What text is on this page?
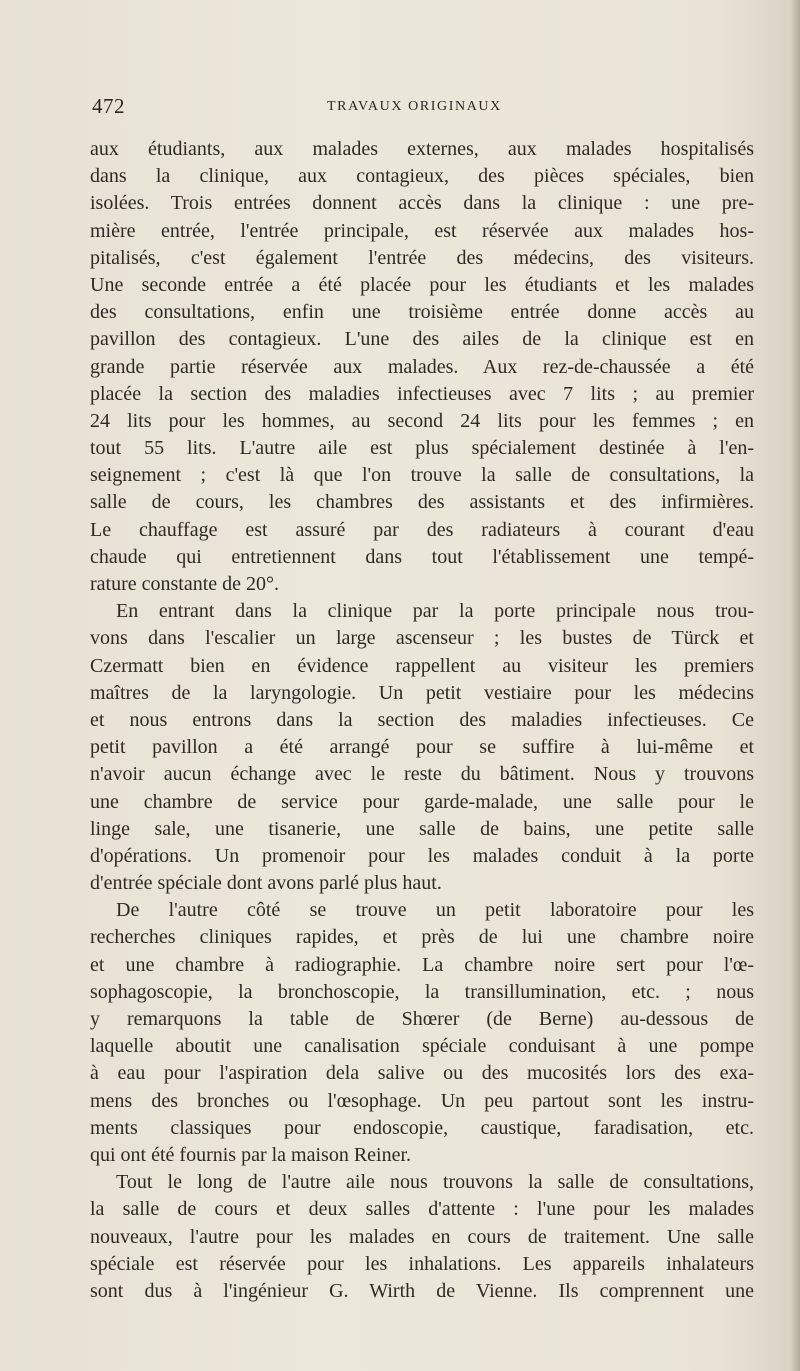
472	TRAVAUX ORIGINAUX
aux étudiants, aux malades externes, aux malades hospitalisés
dans la clinique, aux contagieux, des pièces spéciales, bien
isolées. Trois entrées donnent accès dans la clinique : une pre-
mière entrée, l'entrée principale, est réservée aux malades hos-
pitalisés, c'est également l'entrée des médecins, des visiteurs.
Une seconde entrée a été placée pour les étudiants et les malades
des consultations, enfin une troisième entrée donne accès au
pavillon des contagieux. L'une des ailes de la clinique est en
grande partie réservée aux malades. Aux rez-de-chaussée a été
placée la section des maladies infectieuses avec 7 lits ; au premier
24 lits pour les hommes, au second 24 lits pour les femmes ; en
tout 55 lits. L'autre aile est plus spécialement destinée à l'en-
seignement ; c'est là que l'on trouve la salle de consultations, la
salle de cours, les chambres des assistants et des infirmières.
Le chauffage est assuré par des radiateurs à courant d'eau
chaude qui entretiennent dans tout l'établissement une tempé-
rature constante de 20°.
En entrant dans la clinique par la porte principale nous trou-
vons dans l'escalier un large ascenseur ; les bustes de Türck et
Czermatt bien en évidence rappellent au visiteur les premiers
maîtres de la laryngologie. Un petit vestiaire pour les médecins
et nous entrons dans la section des maladies infectieuses. Ce
petit pavillon a été arrangé pour se suffire à lui-même et
n'avoir aucun échange avec le reste du bâtiment. Nous y trouvons
une chambre de service pour garde-malade, une salle pour le
linge sale, une tisanerie, une salle de bains, une petite salle
d'opérations. Un promenoir pour les malades conduit à la porte
d'entrée spéciale dont avons parlé plus haut.
De l'autre côté se trouve un petit laboratoire pour les
recherches cliniques rapides, et près de lui une chambre noire
et une chambre à radiographie. La chambre noire sert pour l'œ-
sophagoscopie, la bronchoscopie, la transillumination, etc. ; nous
y remarquons la table de Shœrer (de Berne) au-dessous de
laquelle aboutit une canalisation spéciale conduisant à une pompe
à eau pour l'aspiration dela salive ou des mucosités lors des exa-
mens des bronches ou l'œsophage. Un peu partout sont les instru-
ments classiques pour endoscopie, caustique, faradisation, etc.
qui ont été fournis par la maison Reiner.
Tout le long de l'autre aile nous trouvons la salle de consultations,
la salle de cours et deux salles d'attente : l'une pour les malades
nouveaux, l'autre pour les malades en cours de traitement. Une salle
spéciale est réservée pour les inhalations. Les appareils inhalateurs
sont dus à l'ingénieur G. Wirth de Vienne. Ils comprennent une
